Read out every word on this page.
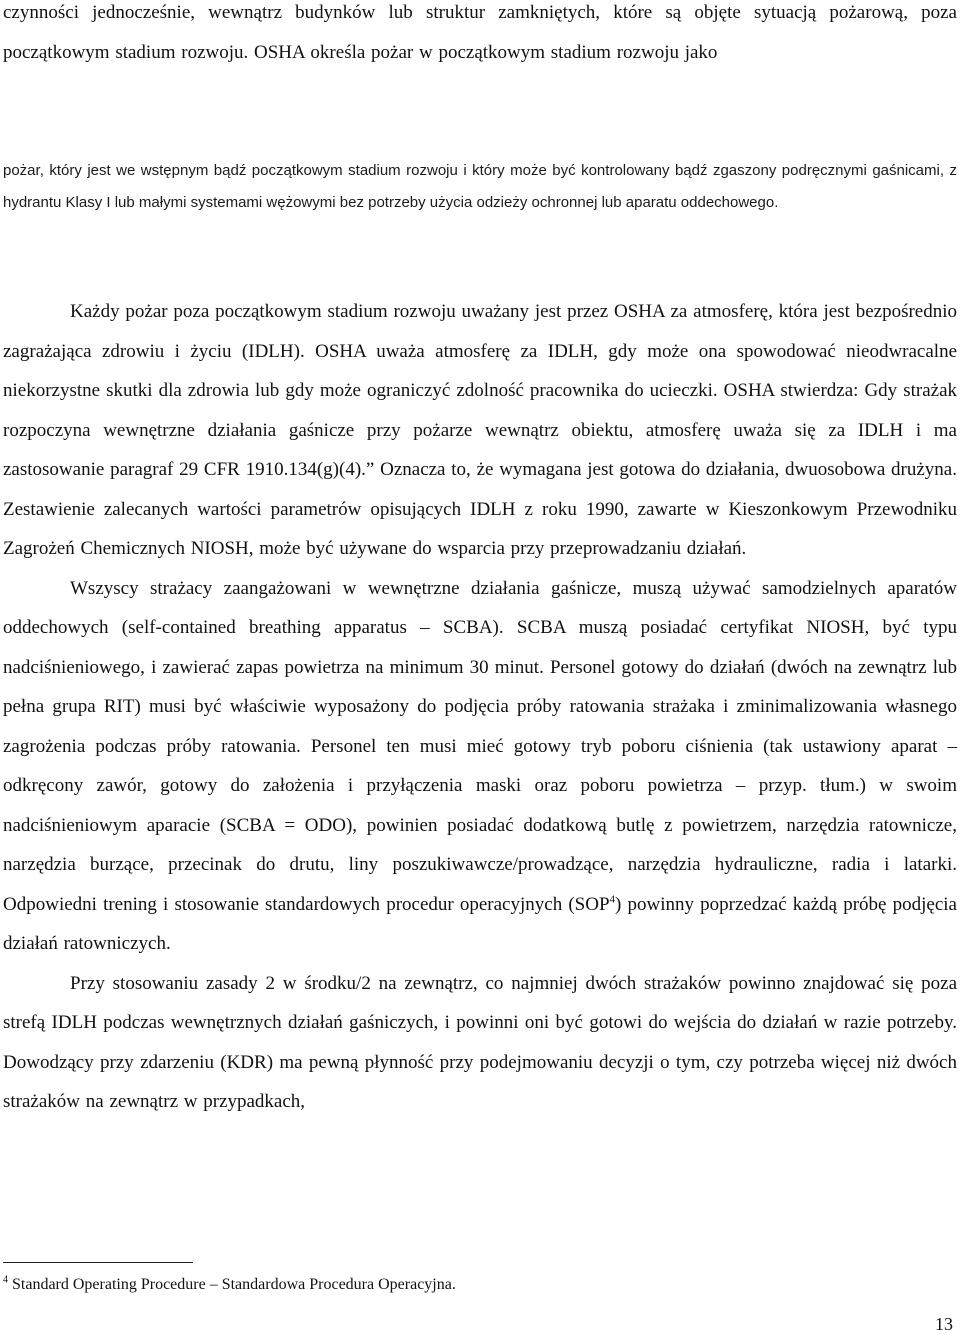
czynności jednocześnie, wewnątrz budynków lub struktur zamkniętych, które są objęte sytuacją pożarową, poza początkowym stadium rozwoju. OSHA określa pożar w początkowym stadium rozwoju jako

pożar, który jest we wstępnym bądź początkowym stadium rozwoju i który może być kontrolowany bądź zgaszony podręcznymi gaśnicami, z hydrantu Klasy I lub małymi systemami wężowymi bez potrzeby użycia odzieży ochronnej lub aparatu oddechowego.

Każdy pożar poza początkowym stadium rozwoju uważany jest przez OSHA za atmosferę, która jest bezpośrednio zagrażająca zdrowiu i życiu (IDLH). OSHA uważa atmosferę za IDLH, gdy może ona spowodować nieodwracalne niekorzystne skutki dla zdrowia lub gdy może ograniczyć zdolność pracownika do ucieczki. OSHA stwierdza: Gdy strażak rozpoczyna wewnętrzne działania gaśnicze przy pożarze wewnątrz obiektu, atmosferę uważa się za IDLH i ma zastosowanie paragraf 29 CFR 1910.134(g)(4).” Oznacza to, że wymagana jest gotowa do działania, dwuosobowa drużyna. Zestawienie zalecanych wartości parametrów opisujących IDLH z roku 1990, zawarte w Kieszonkowym Przewodniku Zagrożeń Chemicznych NIOSH, może być używane do wsparcia przy przeprowadzaniu działań.

Wszyscy strażacy zaangażowani w wewnętrzne działania gaśnicze, muszą używać samodzielnych aparatów oddechowych (self-contained breathing apparatus – SCBA). SCBA muszą posiadać certyfikat NIOSH, być typu nadciśnieniowego, i zawierać zapas powietrza na minimum 30 minut. Personel gotowy do działań (dwóch na zewnątrz lub pełna grupa RIT) musi być właściwie wyposażony do podjęcia próby ratowania strażaka i zminimalizowania własnego zagrożenia podczas próby ratowania. Personel ten musi mieć gotowy tryb poboru ciśnienia (tak ustawiony aparat – odkręcony zawór, gotowy do założenia i przyłączenia maski oraz poboru powietrza – przyp. tłum.) w swoim nadciśnieniowym aparacie (SCBA = ODO), powinien posiadać dodatkową butlę z powietrzem, narzędzia ratownicze, narzędzia burzące, przecinak do drutu, liny poszukiwawcze/prowadzące, narzędzia hydrauliczne, radia i latarki. Odpowiedni trening i stosowanie standardowych procedur operacyjnych (SOP$^4$) powinny poprzedzać każdą próbę podjęcia działań ratowniczych.

Przy stosowaniu zasady 2 w środku/2 na zewnątrz, co najmniej dwóch strażaków powinno znajdować się poza strefą IDLH podczas wewnętrznych działań gaśniczych, i powinni oni być gotowi do wejścia do działań w razie potrzeby. Dowodzący przy zdarzeniu (KDR) ma pewną płynność przy podejmowaniu decyzji o tym, czy potrzeba więcej niż dwóch strażaków na zewnątrz w przypadkach,

$^4$ Standard Operating Procedure – Standardowa Procedura Operacyjna.

13
